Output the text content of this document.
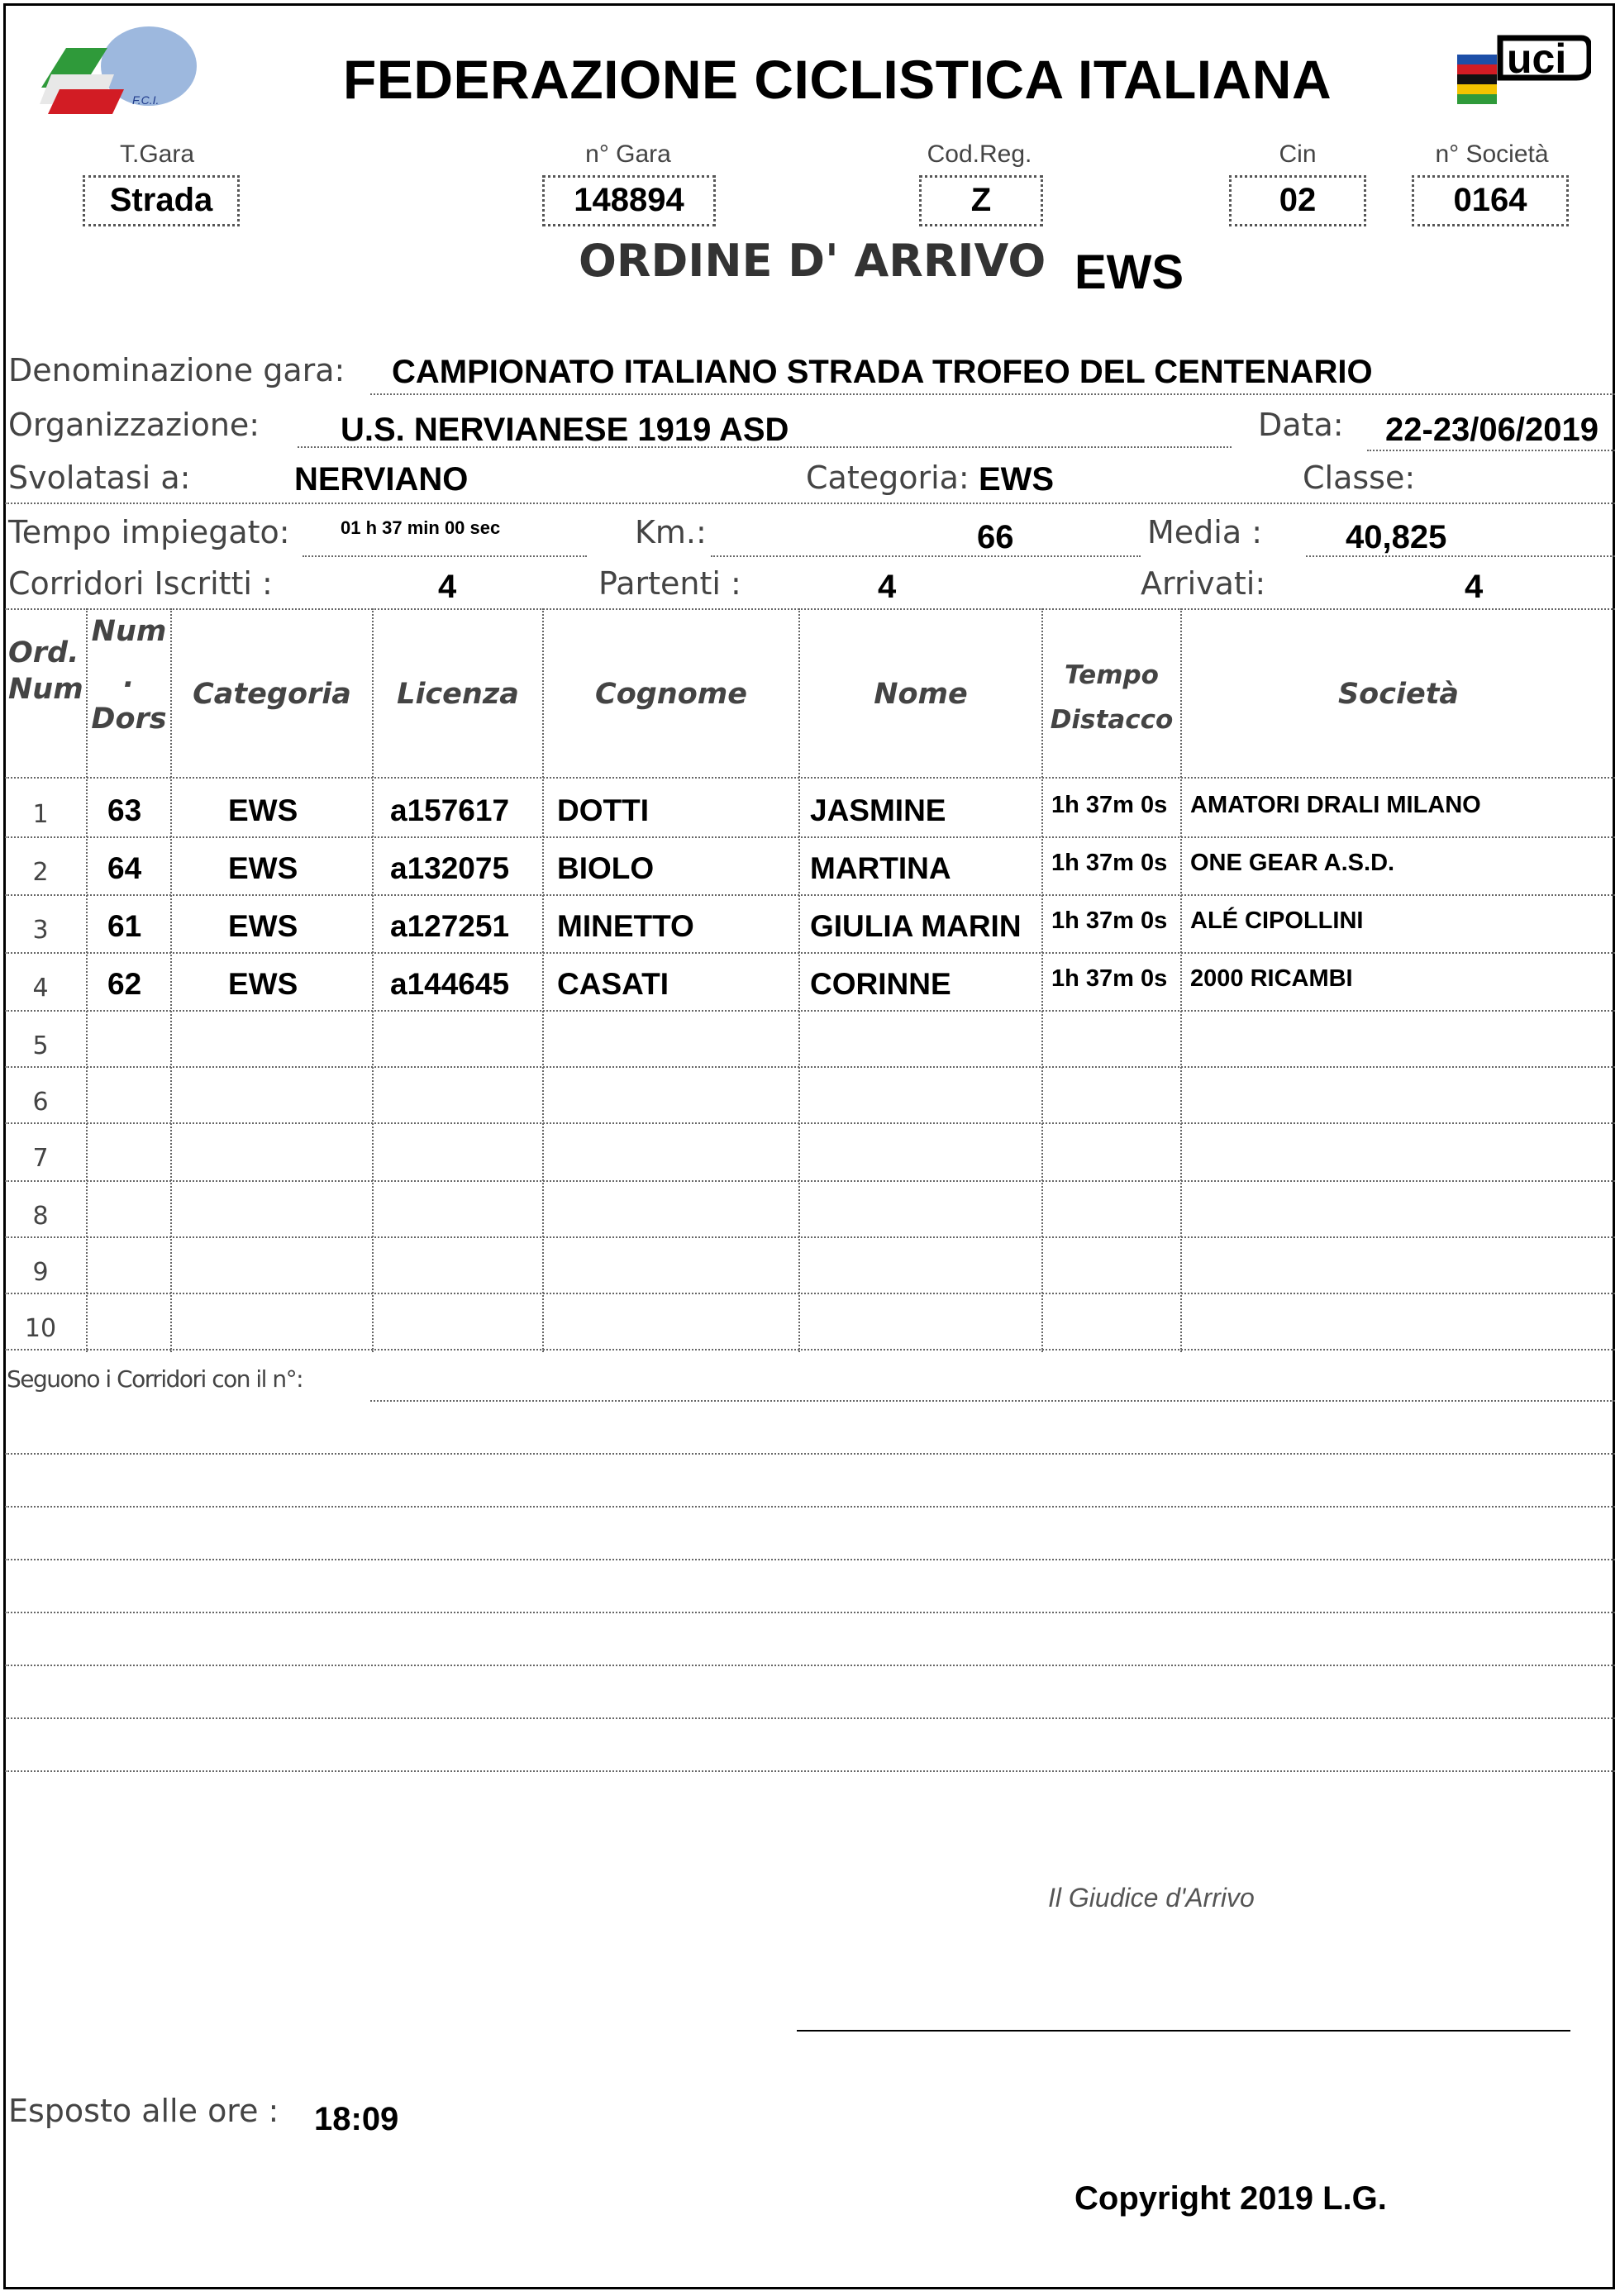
F.C.I.	FEDERAZIONE CICLISTICA ITALIANA	uci
T.Gara
Strada
n° Gara
148894
Cod.Reg.
Z
Cin
02
n° Società
0164
ORDINE D' ARRIVO EWS
Denominazione gara: CAMPIONATO ITALIANO STRADA TROFEO DEL CENTENARIO
Organizzazione: U.S. NERVIANESE 1919 ASD	Data: 22-23/06/2019
Svolatasi a:	NERVIANO	Categoria: EWS	Classe:
Tempo impiegato:	01 h 37 min 00 sec	Km.:	66	Media :	40,825
Corridori Iscritti :	4	Partenti :	4	Arrivati:	4
Ord. Num
Num
.
Dors
Categoria	Licenza	Cognome	Nome
Tempo Distacco
Società
1	63	EWS	a157617 DOTTI	JASMINE	1h 37m 0s AMATORI DRALI MILANO
2	64	EWS	a132075 BIOLO	MARTINA	1h 37m 0s ONE GEAR A.S.D.
3	61	EWS	a127251 MINETTO	GIULIA MARIN 1h 37m 0s ALÉ CIPOLLINI
4	62	EWS	a144645 CASATI	CORINNE	1h 37m 0s 2000 RICAMBI
5
6
7
8
9
10
Seguono i Corridori con il n°:
Il Giudice d'Arrivo
Esposto alle ore : 18:09
Copyright 2019 L.G.
